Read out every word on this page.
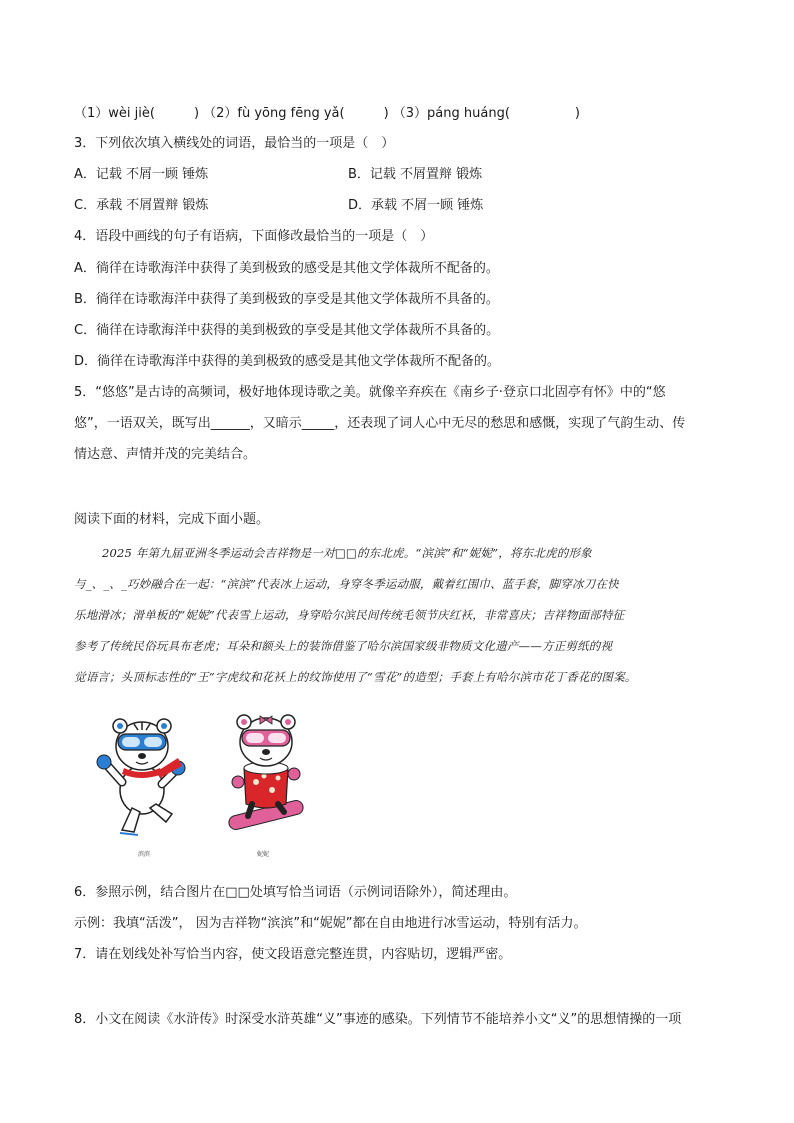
（1）wèi jiè(　　　) （2）fù yōng fēng yǎ(　　　) （3）páng huáng(　　　　　)
3．下列依次填入横线处的词语，最恰当的一项是（　）
A．记载 不屑一顾 锤炼	B．记载 不屑置辩 锻炼
C．承载 不屑置辩 锻炼	D．承载 不屑一顾 锤炼
4．语段中画线的句子有语病，下面修改最恰当的一项是（　）
A．徜徉在诗歌海洋中获得了美到极致的感受是其他文学体裁所不配备的。
B．徜徉在诗歌海洋中获得了美到极致的享受是其他文学体裁所不具备的。
C．徜徉在诗歌海洋中获得的美到极致的享受是其他文学体裁所不具备的。
D．徜徉在诗歌海洋中获得的美到极致的感受是其他文学体裁所不配备的。
5．“悠悠”是古诗的高频词，极好地体现诗歌之美。就像辛弃疾在《南乡子·登京口北固亭有怀》中的“悠
悠”，一语双关，既写出______，又暗示_____，还表现了词人心中无尽的愁思和感慨，实现了气韵生动、传
情达意、声情并茂的完美结合。
阅读下面的材料，完成下面小题。

2025 年第九届亚洲冬季运动会吉祥物是一对□□的东北虎。“滨滨”和“妮妮”，将东北虎的形象

与_、_、_巧妙融合在一起：“滨滨”代表冰上运动，身穿冬季运动服，戴着红围巾、蓝手套，脚穿冰刀在快

乐地滑冰；滑单板的“妮妮”代表雪上运动，身穿哈尔滨民间传统毛领节庆红袄，非常喜庆；吉祥物面部特征

参考了传统民俗玩具布老虎；耳朵和额头上的装饰借鉴了哈尔滨国家级非物质文化遗产——方正剪纸的视

觉语言；头顶标志性的“王”字虎纹和花袄上的纹饰使用了“雪花”的造型；手套上有哈尔滨市花丁香花的图案。

滨滨	妮妮
6．参照示例，结合图片在□□处填写恰当词语（示例词语除外），简述理由。
示例：我填“活泼”， 因为吉祥物“滨滨”和“妮妮”都在自由地进行冰雪运动，特别有活力。
7．请在划线处补写恰当内容，使文段语意完整连贯，内容贴切，逻辑严密。
8．小文在阅读《水浒传》时深受水浒英雄“义”事迹的感染。下列情节不能培养小文“义”的思想情操的一项
